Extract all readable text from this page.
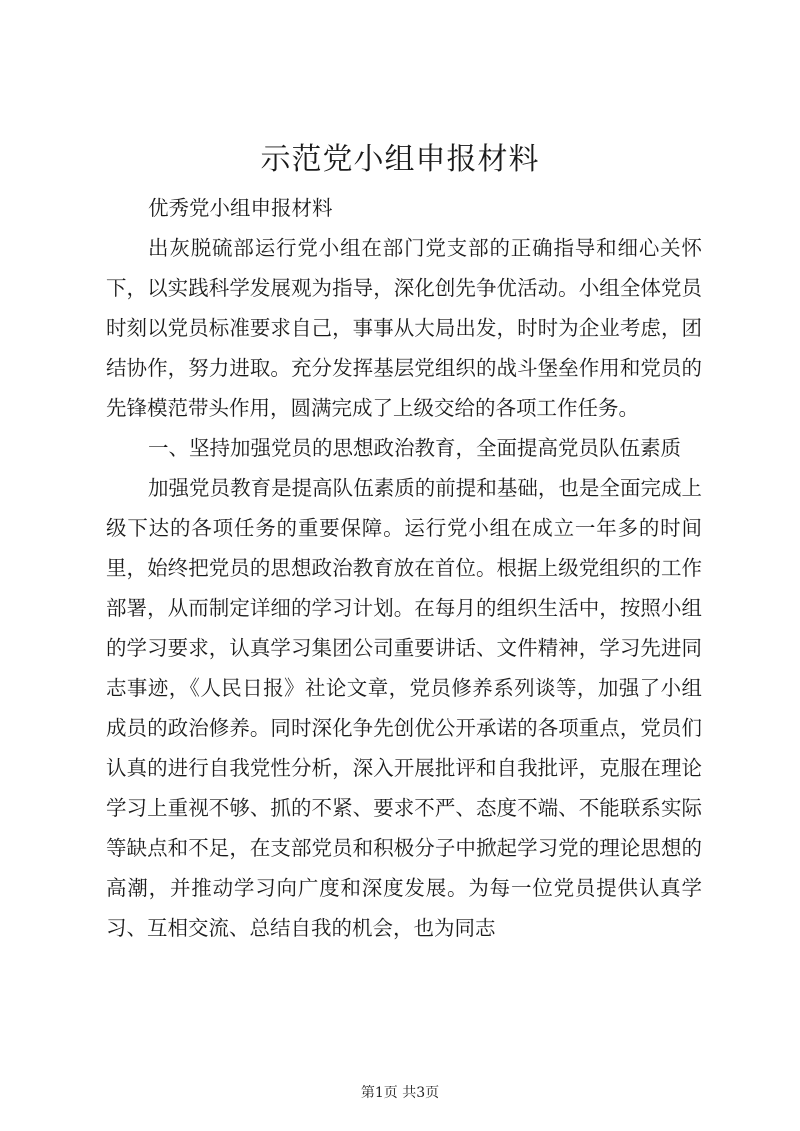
示范党小组申报材料

优秀党小组申报材料

出灰脱硫部运行党小组在部门党支部的正确指导和细心关怀下，以实践科学发展观为指导，深化创先争优活动。小组全体党员时刻以党员标准要求自己，事事从大局出发，时时为企业考虑，团结协作，努力进取。充分发挥基层党组织的战斗堡垒作用和党员的先锋模范带头作用，圆满完成了上级交给的各项工作任务。

一、坚持加强党员的思想政治教育，全面提高党员队伍素质

加强党员教育是提高队伍素质的前提和基础，也是全面完成上级下达的各项任务的重要保障。运行党小组在成立一年多的时间里，始终把党员的思想政治教育放在首位。根据上级党组织的工作部署，从而制定详细的学习计划。在每月的组织生活中，按照小组的学习要求，认真学习集团公司重要讲话、文件精神，学习先进同志事迹，《人民日报》社论文章，党员修养系列谈等，加强了小组成员的政治修养。同时深化争先创优公开承诺的各项重点，党员们认真的进行自我党性分析，深入开展批评和自我批评，克服在理论学习上重视不够、抓的不紧、要求不严、态度不端、不能联系实际等缺点和不足，在支部党员和积极分子中掀起学习党的理论思想的高潮，并推动学习向广度和深度发展。为每一位党员提供认真学习、互相交流、总结自我的机会，也为同志

第1页 共3页
